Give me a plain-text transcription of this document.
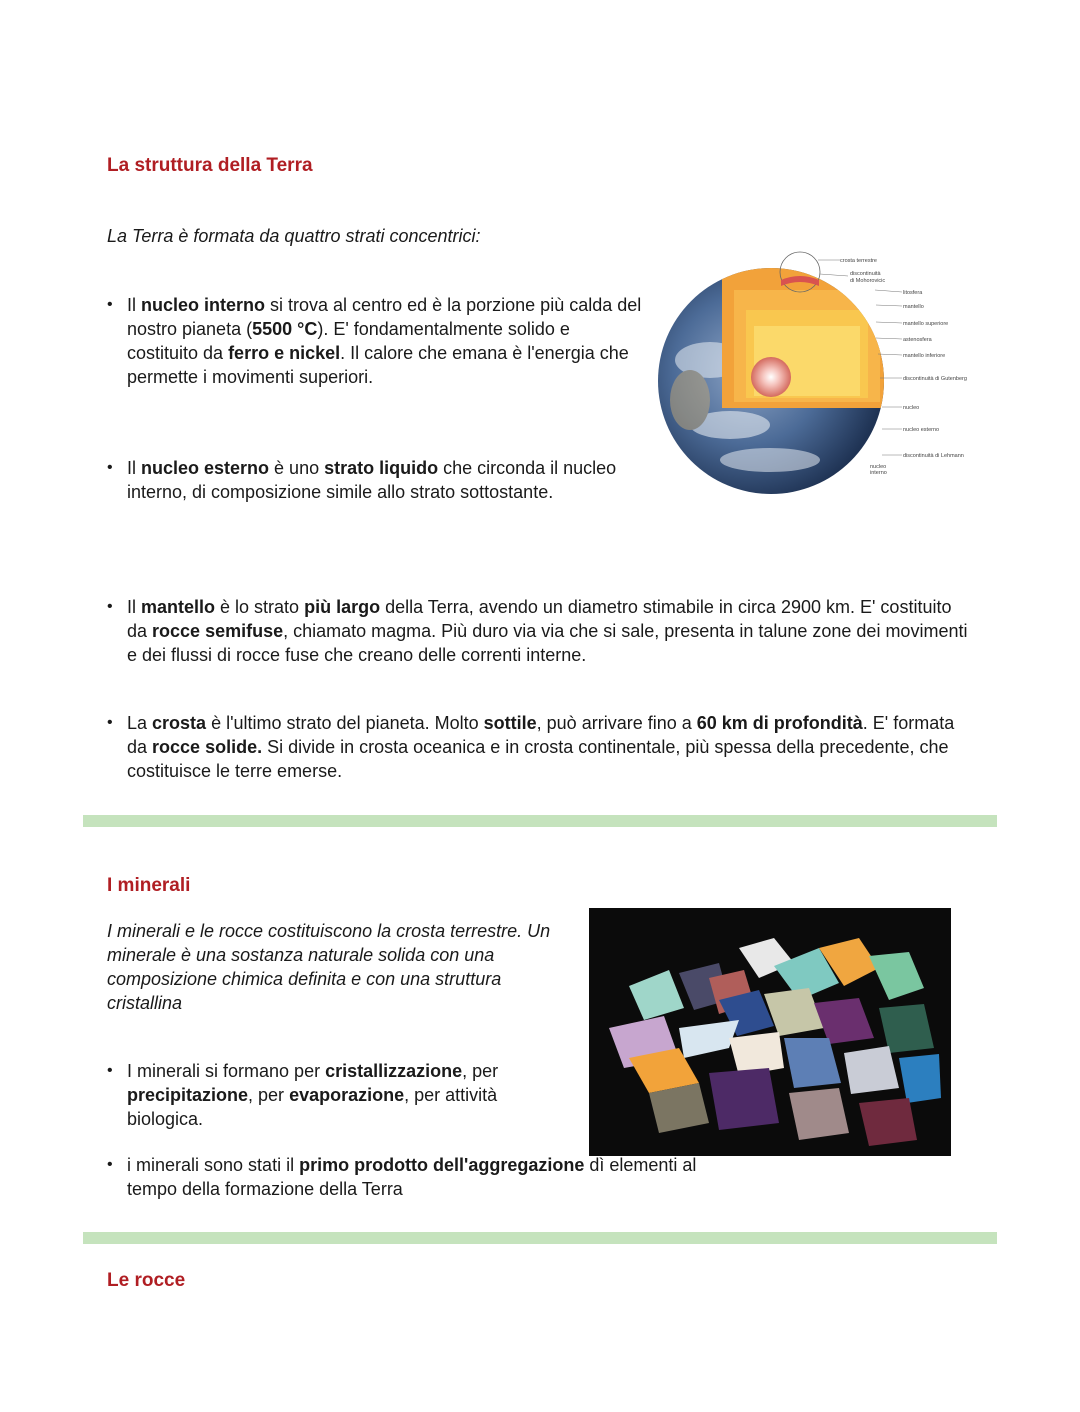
La struttura della Terra
La Terra è formata da quattro strati concentrici:
• Il nucleo interno si trova al centro ed è la porzione più calda del nostro pianeta (5500 °C). E' fondamentalmente solido e costituito da ferro e nickel. Il calore che emana è l'energia che permette i movimenti superiori.
• Il nucleo esterno è uno strato liquido che circonda il nucleo interno, di composizione simile allo strato sottostante.
• Il mantello è lo strato più largo della Terra, avendo un diametro stimabile in circa 2900 km. E' costituito da rocce semifuse, chiamato magma. Più duro via via che si sale, presenta in talune zone dei movimenti e dei flussi di rocce fuse che creano delle correnti interne.
• La crosta è l'ultimo strato del pianeta. Molto sottile, può arrivare fino a 60 km di profondità. E' formata da rocce solide. Si divide in crosta oceanica e in crosta continentale, più spessa della precedente, che costituisce le terre emerse.
crosta terrestre
discontinuità
di Mohorovicic
litosfera
mantello
mantello superiore
astenosfera
mantello inferiore
discontinuità di Gutenberg
nucleo
nucleo esterno
discontinuità di Lehmann
nucleo
interno
I minerali
I minerali e le rocce costituiscono la crosta terrestre. Un minerale è una sostanza naturale solida con una composizione chimica definita e con una struttura cristallina
• I minerali si formano per cristallizzazione, per precipitazione, per evaporazione, per attività biologica.
• i minerali sono stati il primo prodotto dell'aggregazione dì elementi al tempo della formazione della Terra
Le rocce
